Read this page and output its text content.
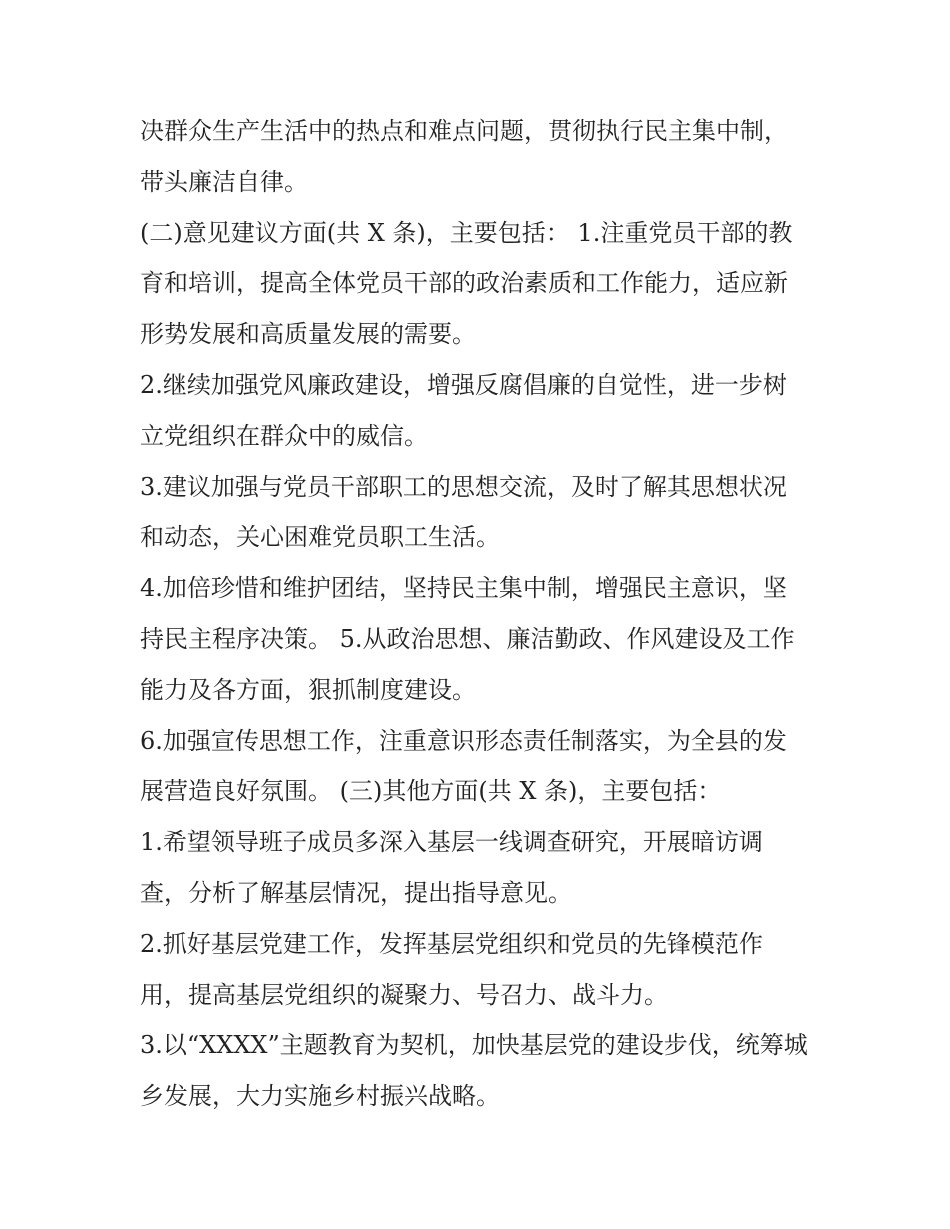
决群众生产生活中的热点和难点问题，贯彻执行民主集中制，

带头廉洁自律。

(二)意见建议方面(共 X 条)，主要包括： 1.注重党员干部的教

育和培训，提高全体党员干部的政治素质和工作能力，适应新

形势发展和高质量发展的需要。

2.继续加强党风廉政建设，增强反腐倡廉的自觉性，进一步树

立党组织在群众中的威信。

3.建议加强与党员干部职工的思想交流，及时了解其思想状况

和动态，关心困难党员职工生活。

4.加倍珍惜和维护团结，坚持民主集中制，增强民主意识，坚

持民主程序决策。 5.从政治思想、廉洁勤政、作风建设及工作

能力及各方面，狠抓制度建设。

6.加强宣传思想工作，注重意识形态责任制落实，为全县的发

展营造良好氛围。 (三)其他方面(共 X 条)，主要包括：

1.希望领导班子成员多深入基层一线调查研究，开展暗访调

查，分析了解基层情况，提出指导意见。

2.抓好基层党建工作，发挥基层党组织和党员的先锋模范作

用，提高基层党组织的凝聚力、号召力、战斗力。

3.以“XXXX”主题教育为契机，加快基层党的建设步伐，统筹城

乡发展，大力实施乡村振兴战略。
